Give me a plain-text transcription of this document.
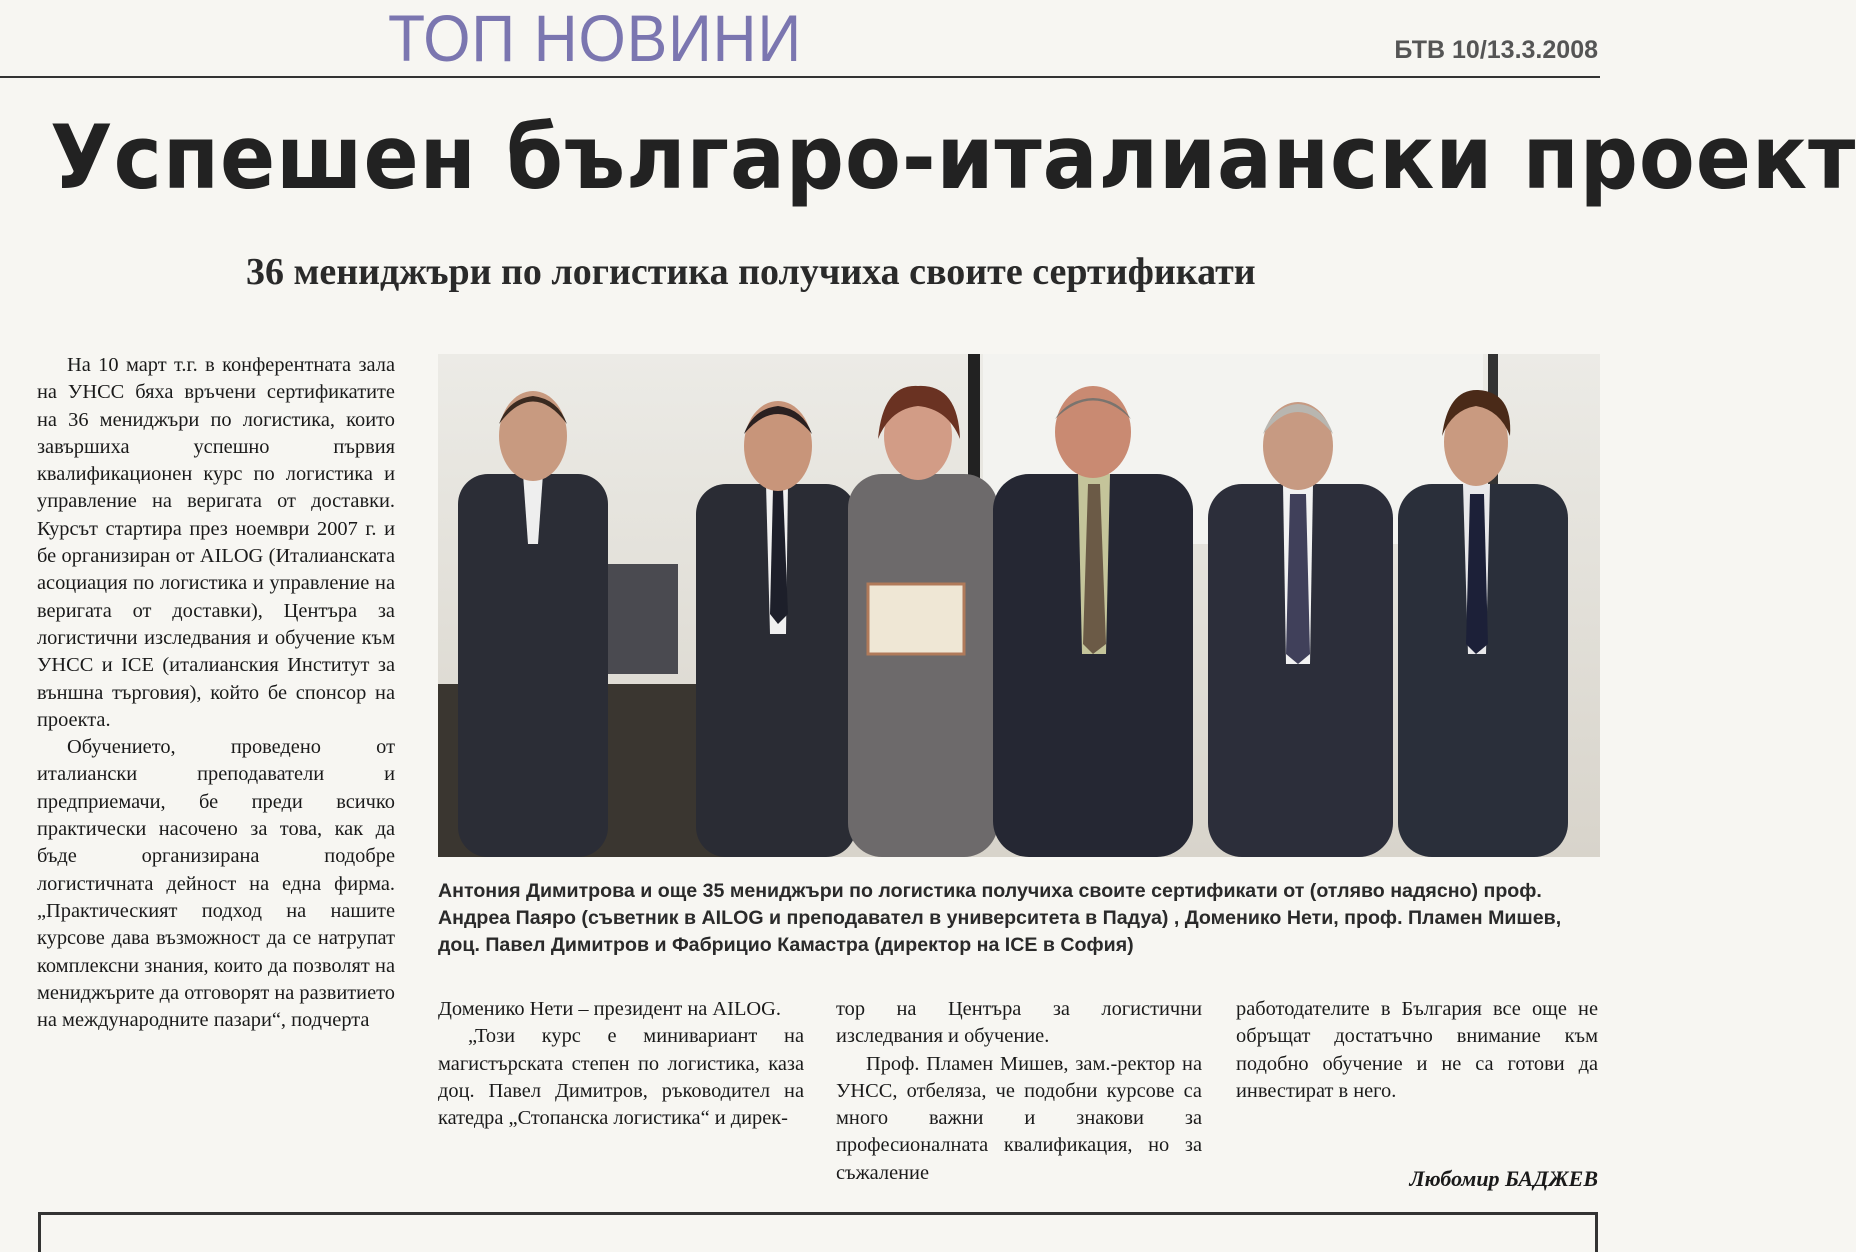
ТОП НОВИНИ	БТВ 10/13.3.2008
Успешен българо-италиански проект
36 мениджъри по логистика получиха своите сертификати

На 10 март т.г. в конферентната зала на УНСС бяха връчени сертификатите на 36 мениджъри по логистика, които завършиха успешно първия квалификационен курс по логистика и управление на веригата от доставки. Курсът стартира през ноември 2007 г. и бе организиран от AILOG (Италианската асоциация по логистика и управление на веригата от доставки), Центъра за логистични изследвания и обучение към УНСС и ICE (италианския Институт за външна търговия), който бе спонсор на проекта.

Обучението, проведено от италиански преподаватели и предприемачи, бе преди всичко практически насочено за това, как да бъде организирана подобре логистичната дейност на една фирма. „Практическият подход на нашите курсове дава възможност да се натрупат комплексни знания, които да позволят на мениджърите да отговорят на развитието на международните пазари“, подчерта

Антония Димитрова и още 35 мениджъри по логистика получиха своите сертификати от (отляво надясно) проф. Андреа Паяро (съветник в AILOG и преподавател в университета в Падуа) , Доменико Нети, проф. Пламен Мишев, доц. Павел Димитров и Фабрицио Камастра (директор на ICE в София)

Доменико Нети – президент на AILOG.

„Този курс е минивариант на магистърската степен по логистика, каза доц. Павел Димитров, ръководител на катедра „Стопанска логистика“ и дирек-

тор на Центъра за логистични изследвания и обучение.

Проф. Пламен Мишев, зам.-ректор на УНСС, отбеляза, че подобни курсове са много важни и знакови за професионалната квалификация, но за съжаление

работодателите в България все още не обръщат достатъчно внимание към подобно обучение и не са готови да инвестират в него.

Любомир БАДЖЕВ
